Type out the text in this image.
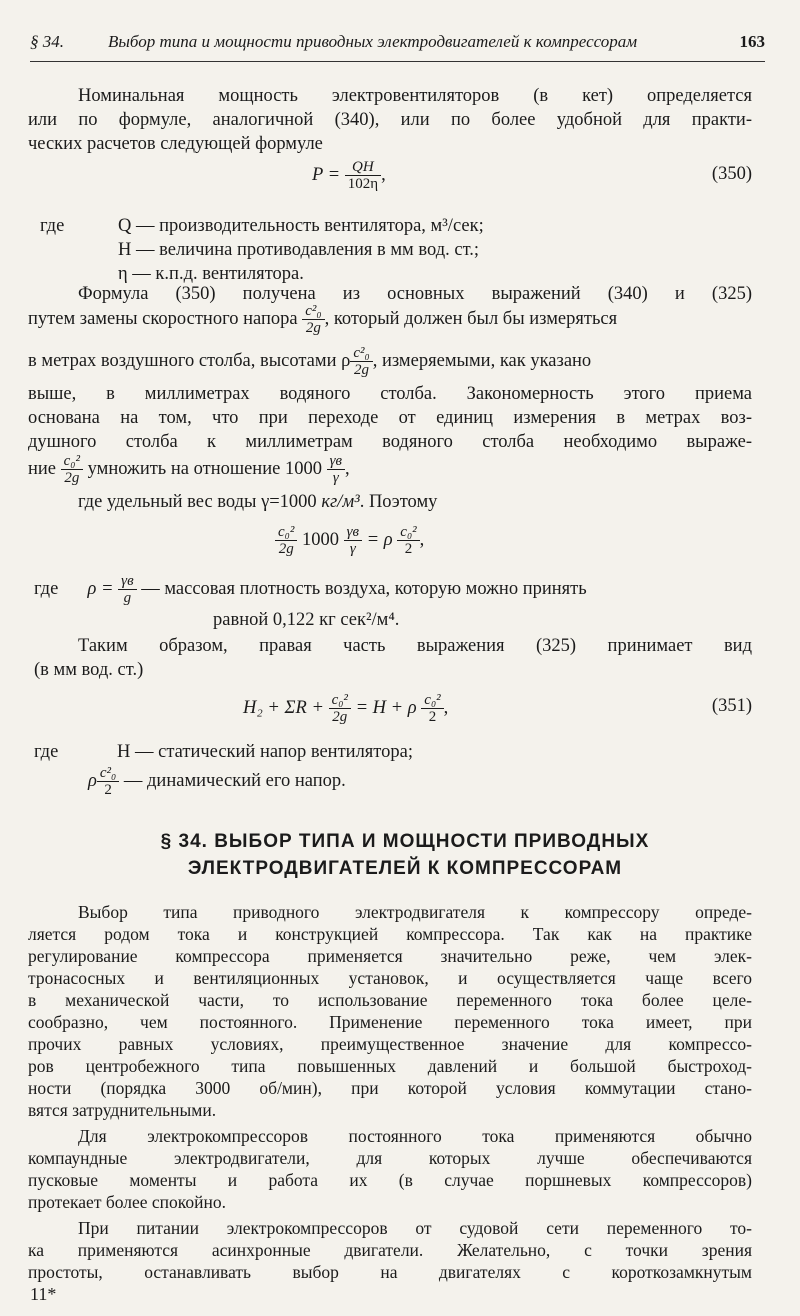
§ 34.	Выбор типа и мощности приводных электродвигателей к компрессорам	163
Номинальная мощность электровентиляторов (в кет) определяется
или по формуле, аналогичной (340), или по более удобной для практи-
ческих расчетов следующей формуле
$P = \frac{QH}{102\eta}$ ,	(350)
где	Q — производительность вентилятора, м³/сек;
H — величина противодавления в мм вод. ст.;
η — к.п.д. вентилятора.
Формула (350) получена из основных выражений (340) и (325)
путем замены скоростного напора $\frac{\text{c²₀}}{2g}$ , который должен был бы измеряться
в метрах воздушного столба, высотами ρ $\frac{\text{c²₀}}{2g}$ , измеряемыми, как указано
выше, в миллиметрах водяного столба. Закономерность этого приема
основана на том, что при переходе от единиц измерения в метрах воз-
душного столба к миллиметрам водяного столба необходимо выраже-
ние $\frac{\text{c₀²}}{2g}$ умножить на отношение $1000 \frac{\gamma в}{\gamma}$ ,
где удельный вес воды γ=1000 кг/м³. Поэтому
$\frac{\text{c₀²}}{2g} 1000 \frac{\gamma в}{\gamma} = \rho \frac{\text{c₀²}}{2}$ ,
где $\rho = \frac{\gamma в}{g}$ — массовая плотность воздуха, которую можно принять
равной 0,122 кг сек²/м⁴.
Таким образом, правая часть выражения (325) принимает вид
(в мм вод. ст.)
$H_2 + \Sigma R + \frac{\text{c₀²}}{2g} = H + \rho \frac{\text{c₀²}}{2}$ ,	(351)
где	H — статический напор вентилятора;
ρ $\frac{\text{c²₀}}{2}$ — динамический его напор.
§ 34. ВЫБОР ТИПА И МОЩНОСТИ ПРИВОДНЫХ
ЭЛЕКТРОДВИГАТЕЛЕЙ К КОМПРЕССОРАМ
Выбор типа приводного электродвигателя к компрессору опреде-
ляется родом тока и конструкцией компрессора. Так как на практике
регулирование компрессора применяется значительно реже, чем элек-
тронасосных и вентиляционных установок, и осуществляется чаще всего
в механической части, то использование переменного тока более целе-
сообразно, чем постоянного. Применение переменного тока имеет, при
прочих равных условиях, преимущественное значение для компрессо-
ров центробежного типа повышенных давлений и большой быстроход-
ности (порядка 3000 об/мин), при которой условия коммутации стано-
вятся затруднительными.
Для электрокомпрессоров постоянного тока применяются обычно
компаундные электродвигатели, для которых лучше обеспечиваются
пусковые моменты и работа их (в случае поршневых компрессоров)
протекает более спокойно.
При питании электрокомпрессоров от судовой сети переменного то-
ка применяются асинхронные двигатели. Желательно, с точки зрения
простоты, останавливать выбор на двигателях с короткозамкнутым
11*
